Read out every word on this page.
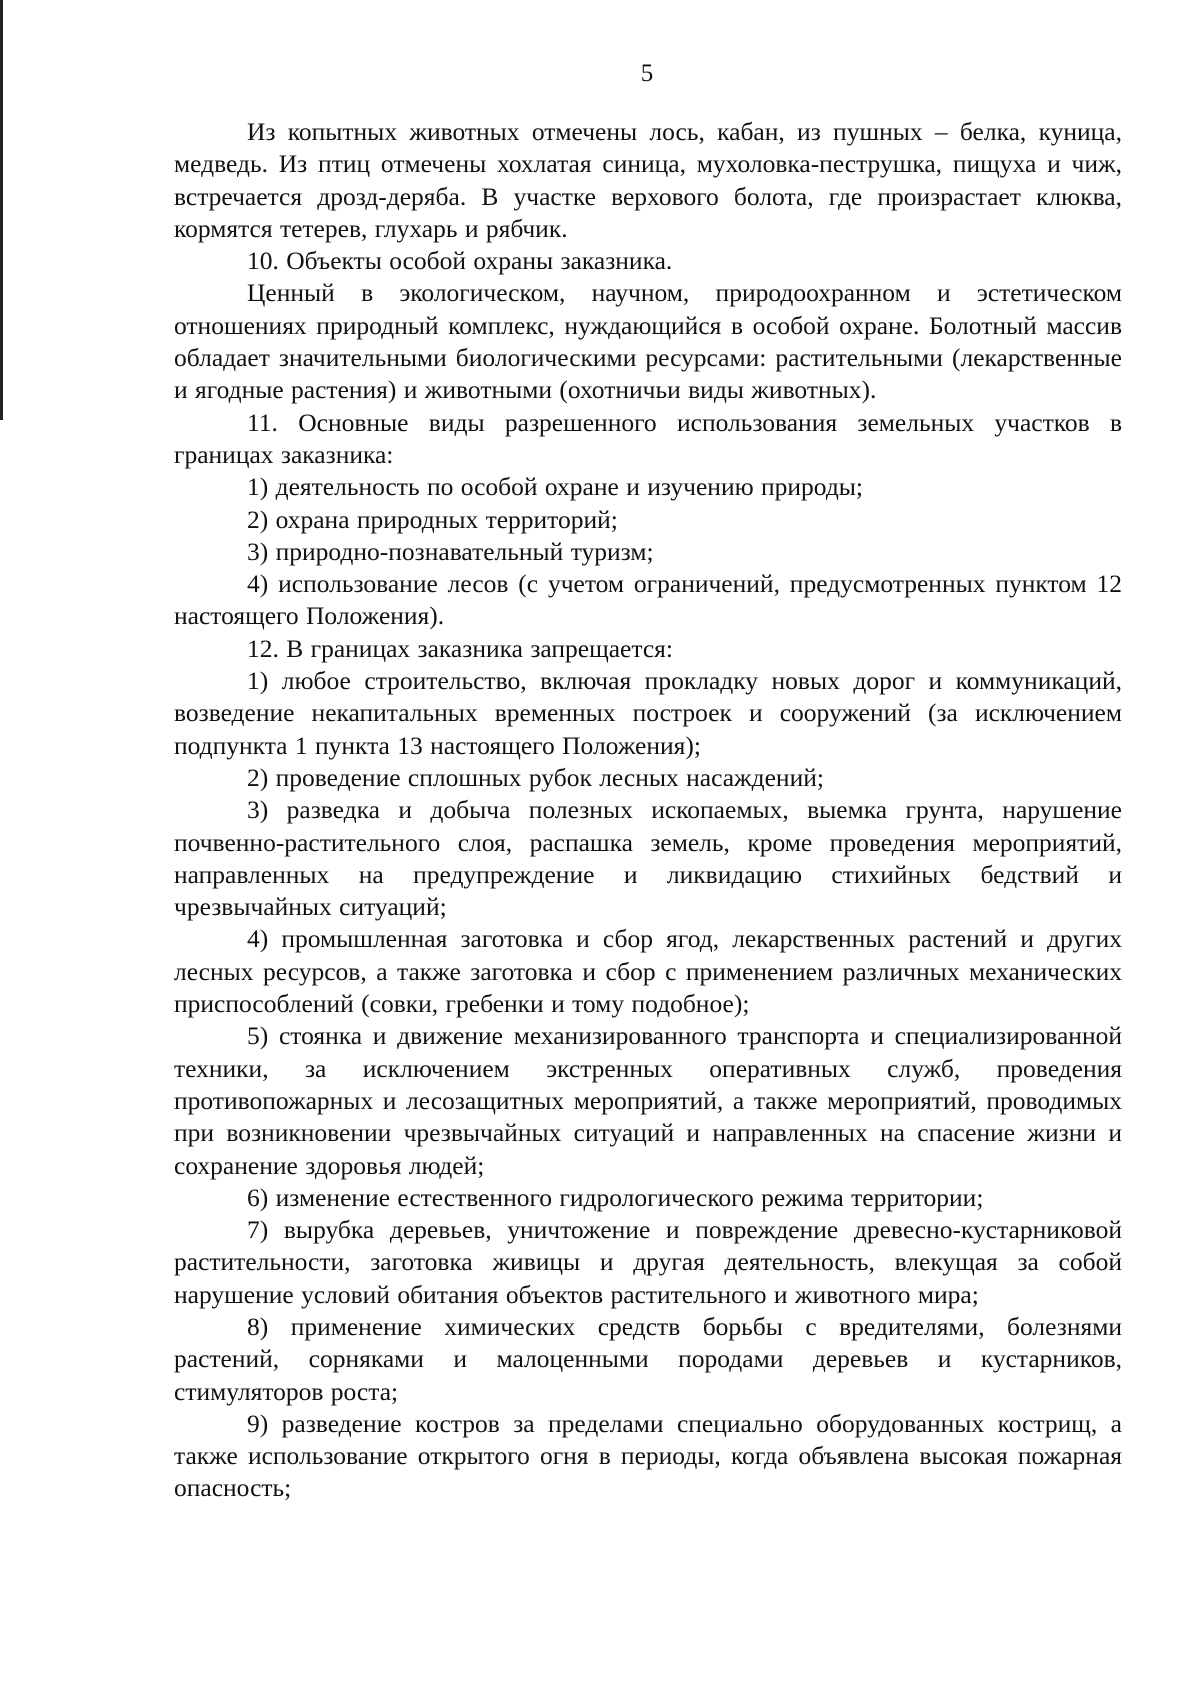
5

Из копытных животных отмечены лось, кабан, из пушных – белка, куница, медведь. Из птиц отмечены хохлатая синица, мухоловка-пеструшка, пищуха и чиж, встречается дрозд-деряба. В участке верхового болота, где произрастает клюква, кормятся тетерев, глухарь и рябчик.

10. Объекты особой охраны заказника.

Ценный в экологическом, научном, природоохранном и эстетическом отношениях природный комплекс, нуждающийся в особой охране. Болотный массив обладает значительными биологическими ресурсами: растительными (лекарственные и ягодные растения) и животными (охотничьи виды животных).

11. Основные виды разрешенного использования земельных участков в границах заказника:

1) деятельность по особой охране и изучению природы;

2) охрана природных территорий;

3) природно-познавательный туризм;

4) использование лесов (с учетом ограничений, предусмотренных пунктом 12 настоящего Положения).

12. В границах заказника запрещается:

1) любое строительство, включая прокладку новых дорог и коммуникаций, возведение некапитальных временных построек и сооружений (за исключением подпункта 1 пункта 13 настоящего Положения);

2) проведение сплошных рубок лесных насаждений;

3) разведка и добыча полезных ископаемых, выемка грунта, нарушение почвенно-растительного слоя, распашка земель, кроме проведения мероприятий, направленных на предупреждение и ликвидацию стихийных бедствий и чрезвычайных ситуаций;

4) промышленная заготовка и сбор ягод, лекарственных растений и других лесных ресурсов, а также заготовка и сбор с применением различных механических приспособлений (совки, гребенки и тому подобное);

5) стоянка и движение механизированного транспорта и специализированной техники, за исключением экстренных оперативных служб, проведения противопожарных и лесозащитных мероприятий, а также мероприятий, проводимых при возникновении чрезвычайных ситуаций и направленных на спасение жизни и сохранение здоровья людей;

6) изменение естественного гидрологического режима территории;

7) вырубка деревьев, уничтожение и повреждение древесно-кустарниковой растительности, заготовка живицы и другая деятельность, влекущая за собой нарушение условий обитания объектов растительного и животного мира;

8) применение химических средств борьбы с вредителями, болезнями растений, сорняками и малоценными породами деревьев и кустарников, стимуляторов роста;

9) разведение костров за пределами специально оборудованных кострищ, а также использование открытого огня в периоды, когда объявлена высокая пожарная опасность;
